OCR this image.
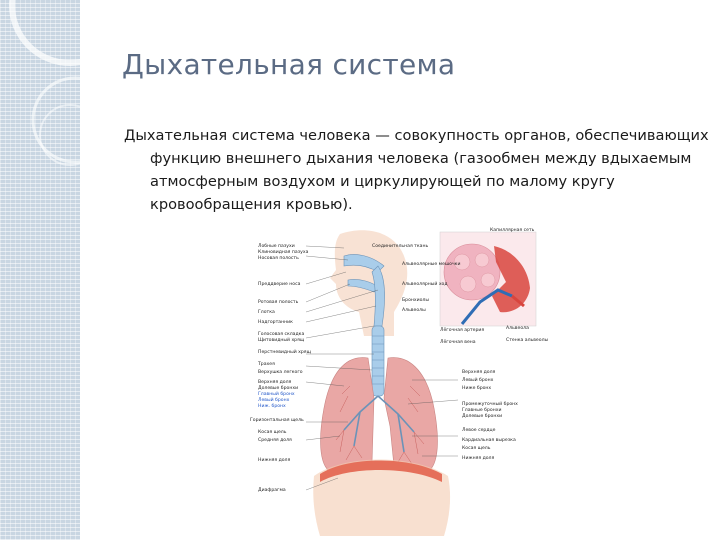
Дыхательная система

Дыхательная система человека — совокупность органов, обеспечивающих функцию внешнего дыхания человека (газообмен между вдыхаемым атмосферным воздухом и циркулирующей по малому кругу кровообращения кровью).

Лобные пазухи
Клиновидная пазуха
Носовая полость
Преддверие носа
Ротовая полость
Глотка
Надгортанник
Голосовая складка
Щитовидный хрящ
Перстневидный хрящ
Трахея
Верхушка легкого
Верхняя доля
Долевые бронхи
Главный бронх
Левый бронх
Ниж. бронх
Горизонтальная щель
Косая щель
Средняя доля
Нижняя доля
Диафрагма
Соединительная ткань
Альвеолярные мешочки
Альвеолярный ход
Бронхиолы
Альвеолы
Верхняя доля
Левый бронх
Ниже бронх
Промежуточный бронх
Главные бронхи
Долевые бронхи
Левое сердце
Кардиальная вырезка
Косая щель
Нижняя доля
Капиллярная сеть
Лёгочная артерия	Альвеола
Лёгочная вена	Стенка альвеолы
